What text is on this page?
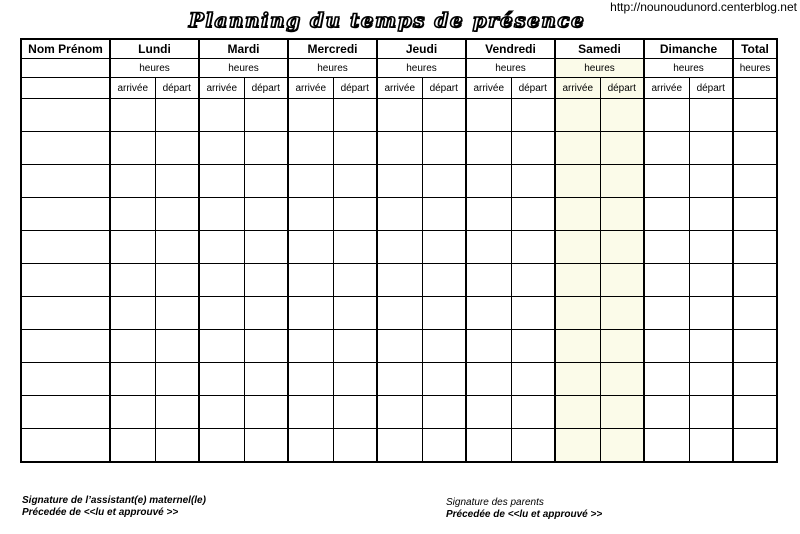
Planning du temps de présence
http://nounoudunord.centerblog.net
Nom Prénom	Lundi		Mardi		Mercredi		Jeudi		Vendredi		Samedi		Dimanche		Total
	heures		heures		heures		heures		heures		heures		heures		heures
	arrivée	départ	arrivée	départ	arrivée	départ	arrivée	départ	arrivée	départ	arrivée	départ	arrivée	départ	

Signature de l’assistant(e) maternel(le)
Précedée de <<lu et approuvé >>
Signature des parents
Précedée de <<lu et approuvé >>
